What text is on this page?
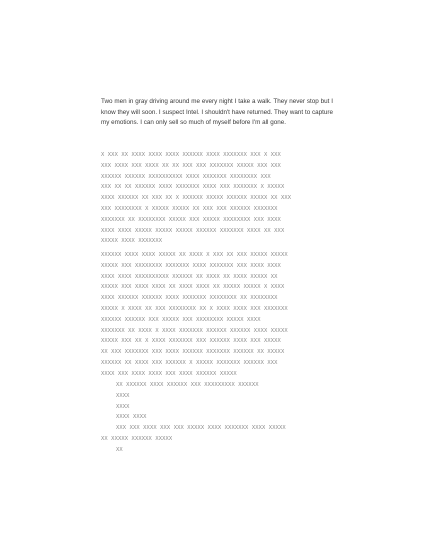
Two men in gray driving around me every night I take a walk. They never stop but I know they will soon. I suspect Intel. I shouldn't have returned. They want to capture my emotions. I can only sell so much of myself before I'm all gone.
X XXX XX XXXX XXXX XXXX XXXXXX XXXX XXXXXXX XXX X XXX
XXX XXXX XXX XXXX XX XX XXX XXX XXXXXXX XXXXX XXX XXX
XXXXXX XXXXXX XXXXXXXXXX XXXX XXXXXXX XXXXXXXX XXX
XXX XX XX XXXXXX XXXX XXXXXXX XXXX XXX XXXXXXX X XXXXX
XXXX XXXXXX XX XXX XX X XXXXXX XXXXX XXXXXX XXXXX XX XXX
XXX XXXXXXXX X XXXXX XXXXX XX XXX XXX XXXXXX XXXXXXX
XXXXXXX XX XXXXXXXX XXXXX XXX XXXXX XXXXXXXX XXX XXXX
XXXX XXXX XXXXX XXXXX XXXXX XXXXXX XXXXXXX XXXX XX XXX
XXXXX XXXX XXXXXXX
XXXXXX XXXX XXXX XXXXX XX XXXX X XXX XX XXX XXXXX XXXXX
XXXXX XXX XXXXXXXX XXXXXXX XXXX XXXXXXX XXX XXXX XXXX
XXXX XXXX XXXXXXXXXX XXXXXX XX XXXX XX XXXX XXXXX XX
XXXXX XXX XXXX XXXX XX XXXX XXXX XX XXXXX XXXXX X XXXX
XXXX XXXXXX XXXXXX XXXX XXXXXXX XXXXXXXX XX XXXXXXXX
XXXXX X XXXX XX XXX XXXXXXXX XX X XXXX XXXX XXX XXXXXXX
XXXXXX XXXXXX XXX XXXXX XXX XXXXXXXX XXXXX XXXX
XXXXXXX XX XXXX X XXXX XXXXXXX XXXXXX XXXXXX XXXX XXXXX
XXXXX XXX XX X XXXX XXXXXXX XXX XXXXXX XXXX XXX XXXXX
XX XXX XXXXXXX XXX XXXX XXXXXX XXXXXXX XXXXXX XX XXXXX
XXXXXX XX XXXX XXX XXXXXX X XXXXX XXXXXXX XXXXXX XXX
XXXX XXX XXXX XXXX XXX XXXX XXXXXX XXXXX
XX XXXXXX XXXX XXXXXX XXX XXXXXXXXX XXXXXX
XXXX
XXXX
XXXX XXXX
XXX XXX XXXX XXX XXX XXXXX XXXX XXXXXXX XXXX XXXXX
XX XXXXX XXXXXX XXXXX
XX
